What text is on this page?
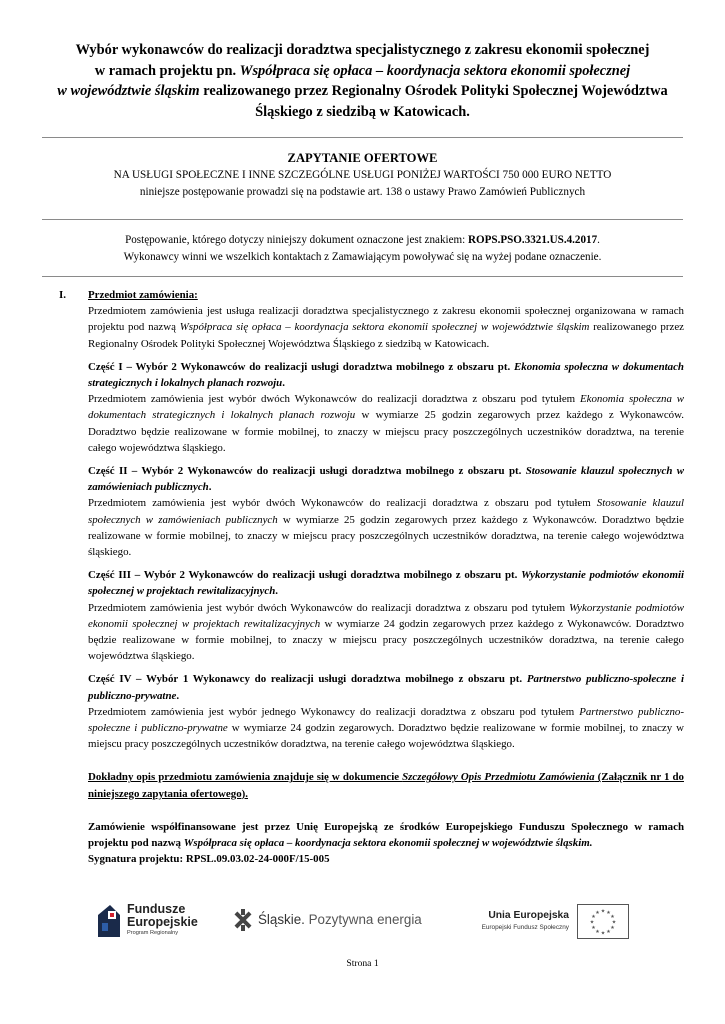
Wybór wykonawców do realizacji doradztwa specjalistycznego z zakresu ekonomii społecznej
w ramach projektu pn. Współpraca się opłaca – koordynacja sektora ekonomii społecznej
w województwie śląskim realizowanego przez Regionalny Ośrodek Polityki Społecznej Województwa
Śląskiego z siedzibą w Katowicach.
ZAPYTANIE OFERTOWE
NA USŁUGI SPOŁECZNE I INNE SZCZEGÓLNE USŁUGI PONIŻEJ WARTOŚCI 750 000 EURO NETTO
niniejsze postępowanie prowadzi się na podstawie art. 138 o ustawy Prawo Zamówień Publicznych
Postępowanie, którego dotyczy niniejszy dokument oznaczone jest znakiem: ROPS.PSO.3321.US.4.2017.
Wykonawcy winni we wszelkich kontaktach z Zamawiającym powoływać się na wyżej podane oznaczenie.
I. Przedmiot zamówienia:

Przedmiotem zamówienia jest usługa realizacji doradztwa specjalistycznego z zakresu ekonomii społecznej organizowana w ramach projektu pod nazwą Współpraca się opłaca – koordynacja sektora ekonomii społecznej w województwie śląskim realizowanego przez Regionalny Ośrodek Polityki Społecznej Województwa Śląskiego z siedzibą w Katowicach.

Część I – Wybór 2 Wykonawców do realizacji usługi doradztwa mobilnego z obszaru pt. Ekonomia społeczna w dokumentach strategicznych i lokalnych planach rozwoju.

Przedmiotem zamówienia jest wybór dwóch Wykonawców do realizacji doradztwa z obszaru pod tytułem Ekonomia społeczna w dokumentach strategicznych i lokalnych planach rozwoju w wymiarze 25 godzin zegarowych przez każdego z Wykonawców. Doradztwo będzie realizowane w formie mobilnej, to znaczy w miejscu pracy poszczególnych uczestników doradztwa, na terenie całego województwa śląskiego.

Część II – Wybór 2 Wykonawców do realizacji usługi doradztwa mobilnego z obszaru pt. Stosowanie klauzul społecznych w zamówieniach publicznych.

Przedmiotem zamówienia jest wybór dwóch Wykonawców do realizacji doradztwa z obszaru pod tytułem Stosowanie klauzul społecznych w zamówieniach publicznych w wymiarze 25 godzin zegarowych przez każdego z Wykonawców. Doradztwo będzie realizowane w formie mobilnej, to znaczy w miejscu pracy poszczególnych uczestników doradztwa, na terenie całego województwa śląskiego.

Część III – Wybór 2 Wykonawców do realizacji usługi doradztwa mobilnego z obszaru pt. Wykorzystanie podmiotów ekonomii społecznej w projektach rewitalizacyjnych.

Przedmiotem zamówienia jest wybór dwóch Wykonawców do realizacji doradztwa z obszaru pod tytułem Wykorzystanie podmiotów ekonomii społecznej w projektach rewitalizacyjnych w wymiarze 24 godzin zegarowych przez każdego z Wykonawców. Doradztwo będzie realizowane w formie mobilnej, to znaczy w miejscu pracy poszczególnych uczestników doradztwa, na terenie całego województwa śląskiego.

Część IV – Wybór 1 Wykonawcy do realizacji usługi doradztwa mobilnego z obszaru pt. Partnerstwo publiczno-społeczne i publiczno-prywatne.

Przedmiotem zamówienia jest wybór jednego Wykonawcy do realizacji doradztwa z obszaru pod tytułem Partnerstwo publiczno-społeczne i publiczno-prywatne w wymiarze 24 godzin zegarowych. Doradztwo będzie realizowane w formie mobilnej, to znaczy w miejscu pracy poszczególnych uczestników doradztwa, na terenie całego województwa śląskiego.

Dokładny opis przedmiotu zamówienia znajduje się w dokumencie Szczegółowy Opis Przedmiotu Zamówienia (Załącznik nr 1 do niniejszego zapytania ofertowego).

Zamówienie współfinansowane jest przez Unię Europejską ze środków Europejskiego Funduszu Społecznego w ramach projektu pod nazwą Współpraca się opłaca – koordynacja sektora ekonomii społecznej w województwie śląskim.

Sygnatura projektu: RPSL.09.03.02-24-000F/15-005

Fundusze
Europejskie
Program Regionalny
Śląskie. Pozytywna energia	Unia Europejska
Europejski Fundusz Społeczny
★ ★
★
★
★
★
★
★
★
★
★
★
Strona 1
